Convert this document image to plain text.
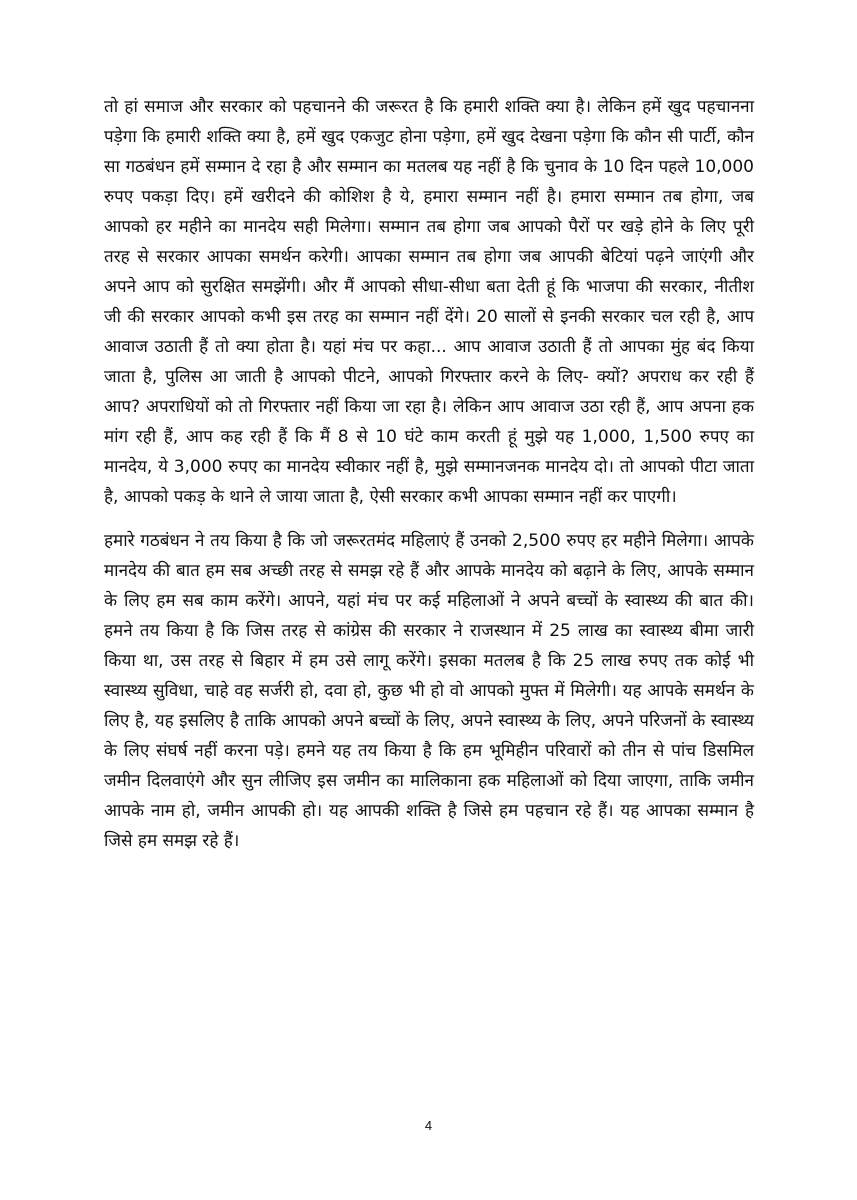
तो हां समाज और सरकार को पहचानने की जरूरत है कि हमारी शक्ति क्या है। लेकिन हमें खुद पहचानना पड़ेगा कि हमारी शक्ति क्या है, हमें खुद एकजुट होना पड़ेगा, हमें खुद देखना पड़ेगा कि कौन सी पार्टी, कौन सा गठबंधन हमें सम्मान दे रहा है और सम्मान का मतलब यह नहीं है कि चुनाव के 10 दिन पहले 10,000 रुपए पकड़ा दिए। हमें खरीदने की कोशिश है ये, हमारा सम्मान नहीं है। हमारा सम्मान तब होगा, जब आपको हर महीने का मानदेय सही मिलेगा। सम्मान तब होगा जब आपको पैरों पर खड़े होने के लिए पूरी तरह से सरकार आपका समर्थन करेगी। आपका सम्मान तब होगा जब आपकी बेटियां पढ़ने जाएंगी और अपने आप को सुरक्षित समझेंगी। और मैं आपको सीधा-सीधा बता देती हूं कि भाजपा की सरकार, नीतीश जी की सरकार आपको कभी इस तरह का सम्मान नहीं देंगे। 20 सालों से इनकी सरकार चल रही है, आप आवाज उठाती हैं तो क्या होता है। यहां मंच पर कहा... आप आवाज उठाती हैं तो आपका मुंह बंद किया जाता है, पुलिस आ जाती है आपको पीटने, आपको गिरफ्तार करने के लिए- क्यों? अपराध कर रही हैं आप? अपराधियों को तो गिरफ्तार नहीं किया जा रहा है। लेकिन आप आवाज उठा रही हैं, आप अपना हक मांग रही हैं, आप कह रही हैं कि मैं 8 से 10 घंटे काम करती हूं मुझे यह 1,000, 1,500 रुपए का मानदेय, ये 3,000 रुपए का मानदेय स्वीकार नहीं है, मुझे सम्मानजनक मानदेय दो। तो आपको पीटा जाता है, आपको पकड़ के थाने ले जाया जाता है, ऐसी सरकार कभी आपका सम्मान नहीं कर पाएगी।

हमारे गठबंधन ने तय किया है कि जो जरूरतमंद महिलाएं हैं उनको 2,500 रुपए हर महीने मिलेगा। आपके मानदेय की बात हम सब अच्छी तरह से समझ रहे हैं और आपके मानदेय को बढ़ाने के लिए, आपके सम्मान के लिए हम सब काम करेंगे। आपने, यहां मंच पर कई महिलाओं ने अपने बच्चों के स्वास्थ्य की बात की। हमने तय किया है कि जिस तरह से कांग्रेस की सरकार ने राजस्थान में 25 लाख का स्वास्थ्य बीमा जारी किया था, उस तरह से बिहार में हम उसे लागू करेंगे। इसका मतलब है कि 25 लाख रुपए तक कोई भी स्वास्थ्य सुविधा, चाहे वह सर्जरी हो, दवा हो, कुछ भी हो वो आपको मुफ्त में मिलेगी। यह आपके समर्थन के लिए है, यह इसलिए है ताकि आपको अपने बच्चों के लिए, अपने स्वास्थ्य के लिए, अपने परिजनों के स्वास्थ्य के लिए संघर्ष नहीं करना पड़े। हमने यह तय किया है कि हम भूमिहीन परिवारों को तीन से पांच डिसमिल जमीन दिलवाएंगे और सुन लीजिए इस जमीन का मालिकाना हक महिलाओं को दिया जाएगा, ताकि जमीन आपके नाम हो, जमीन आपकी हो। यह आपकी शक्ति है जिसे हम पहचान रहे हैं। यह आपका सम्मान है जिसे हम समझ रहे हैं।

4
